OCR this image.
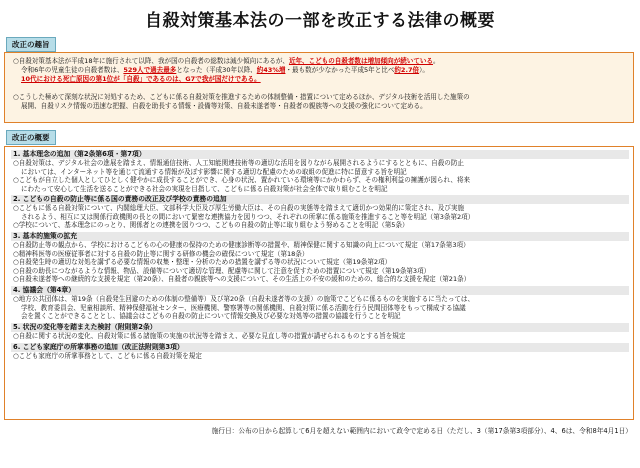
自殺対策基本法の一部を改正する法律の概要
改正の趣旨
○自殺対策基本法が平成18年に施行されて以降、我が国の自殺者の総数は減少傾向にあるが、近年、こどもの自殺者数は増加傾向が続いている。
令和6年の児童生徒の自殺者数は、529人で過去最多となった（平成30年以降、約43%増・最も数が少なかった平成5年と比べ約2.7倍）。
10代における死亡原因の第1位が「自殺」であるのは、G7で我が国だけである。
○こうした極めて深刻な状況に対処するため、こどもに係る自殺対策を推進するための体制整備・措置について定めるほか、デジタル技術を活用した施策の
展開、自殺リスク情報の迅速な把握、自殺を助長する情報・設備等対策、自殺未遂者等・自殺者の親族等への支援の強化について定める。
改正の概要
1. 基本理念の追加（第2条第6項・第7項）
○自殺対策は、デジタル社会の進展を踏まえ、情報通信技術、人工知能関連技術等の適切な活用を図りながら展開されるようにするとともに、自殺の防止
においては、インターネット等を通じて流通する情報が及ぼす影響に関する適切な配慮のための取組の促進に特に留意する旨を明記
○こどもが自立した個人としてひとしく健やかに成長することができ、心身の状況、置かれている環境等にかかわらず、その権利利益の擁護が図られ、将来
にわたって安心して生活を送ることができる社会の実現を目指して、こどもに係る自殺対策が社会全体で取り組むことを明記
2. こどもの自殺の防止等に係る国の責務の改正及び学校の責務の追加
○こどもに係る自殺対策について、内閣総理大臣、文部科学大臣及び厚生労働大臣は、その自殺の実態等を踏まえて適切かつ効果的に策定され、及び実施
されるよう、相互に又は関係行政機関の長との間において緊密な連携協力を図りつつ、それぞれの所掌に係る施策を推進すること等を明記（第3条第2項）
○学校について、基本理念にのっとり、関係者との連携を図りつつ、こどもの自殺の防止等に取り組むよう努めることを明記（第5条）
3. 基本的施策の拡充
○自殺防止等の観点から、学校におけるこどもの心の健康の保持のための健康診断等の措置や、精神保健に関する知識の向上について規定（第17条第3項）
○精神科医等の医療従事者に対する自殺の防止等に関する研修の機会の確保について規定（第18条）
○自殺発生時の適切な対処を講ずる必要な情報の収集・整理・分析のための措置を講ずる等の状況について規定（第19条第2項）
○自殺の助長につながるような情報、物品、設備等について適切な管理、配慮等に関して注意を促すための措置について規定（第19条第3項）
○自殺未遂者等への継続的な支援を規定（第20条）、自殺者の親族等への支援について、その生活上の不安の緩和のための、総合的な支援を規定（第21条）
4. 協議会（第4章）
○地方公共団体は、第19条（自殺発生回避のための体制の整備等）及び第20条（自殺未遂者等の支援）の施策でこどもに係るものを実施するに当たっては、
学校、教育委員会、児童相談所、精神保健福祉センター、医療機関、警察署等の関係機関、自殺対策に係る活動を行う民間団体等をもって構成する協議
会を置くことができることとし、協議会はこどもの自殺の防止について情報交換及び必要な対処等の措置の協議を行うことを明記
5. 状況の変化等を踏まえた検討（附則第2条）
○自殺に関する状況の変化、自殺対策に係る諸施策の実施の状況等を踏まえ、必要な見直し等の措置が講ぜられるものとする旨を規定
6. こども家庭庁の所掌事務の追加（改正法附則第3項）
○こども家庭庁の所掌事務として、こどもに係る自殺対策を規定
施行日：公布の日から起算して6月を超えない範囲内において政令で定める日（ただし、3（第17条第3項部分）、4、6は、令和8年4月1日）
